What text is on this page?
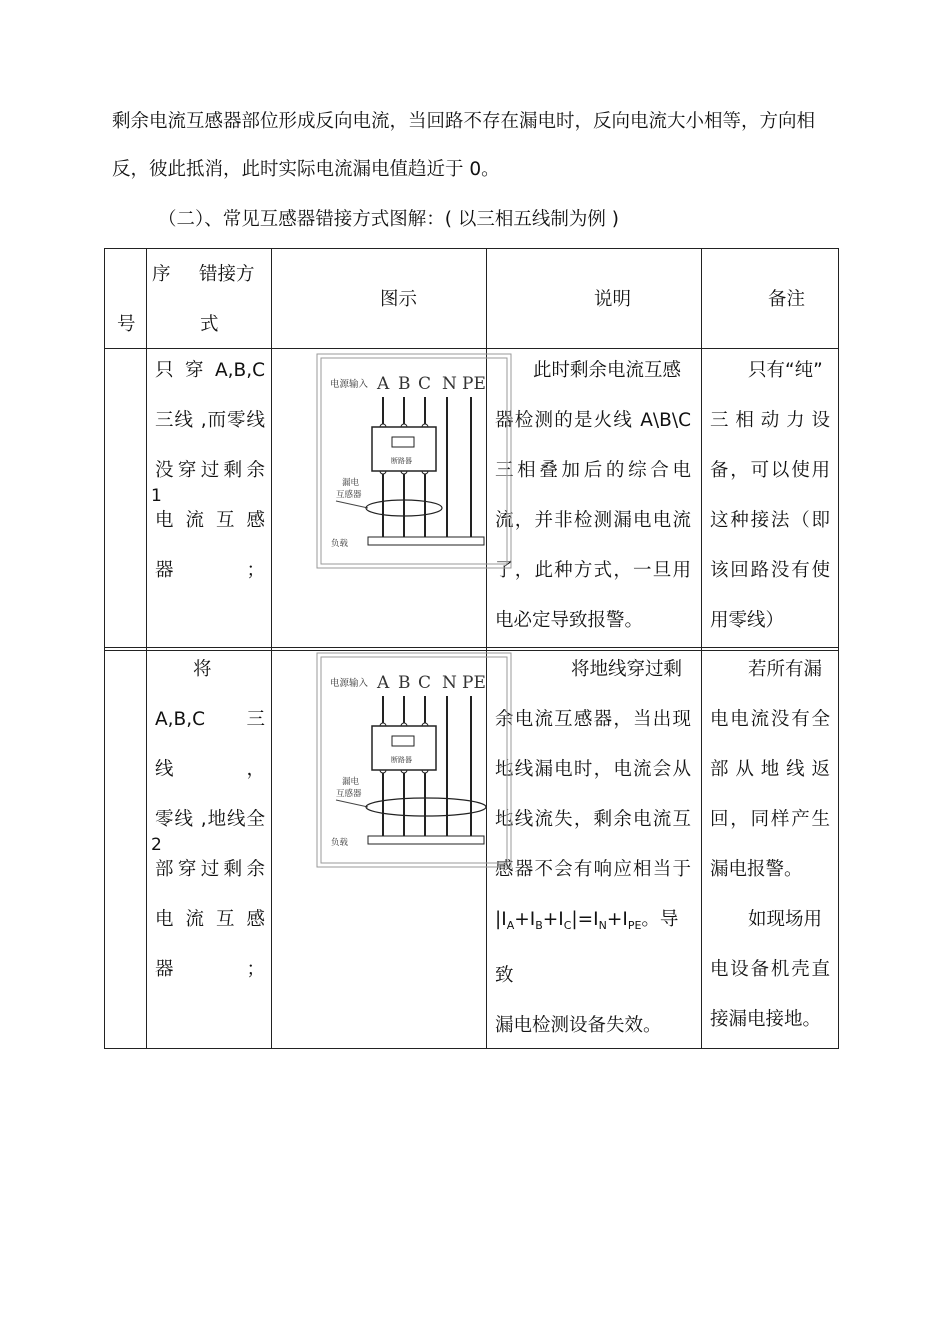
剩余电流互感器部位形成反向电流，当回路不存在漏电时，反向电流大小相等，方向相
反，彼此抵消，此时实际电流漏电值趋近于 0。
（二）、常见互感器错接方式图解：( 以三相五线制为例 )
序
号
错接方
式
图示	说明	备注
1
只 穿 A,B,C
三线 ,而零线
没穿过剩余
电流互感器；
此时剩余电流互感
器检测的是火线 A\B\C
三相叠加后的综合电
流，并非检测漏电电流
了，此种方式，一旦用
电必定导致报警。
只有“纯”
三 相 动 力 设
备，可以使用
这种接法（即
该回路没有使
用零线）
2
将
A,B,C 三线，
零线 ,地线全
部穿过剩余
电流互感器；
将地线穿过剩
余电流互感器，当出现
地线漏电时，电流会从
地线流失，剩余电流互
感器不会有响应相当于
$|I_A+I_B+I_C|=I_N+I_{PE}$。导致
漏电检测设备失效。
若所有漏
电电流没有全
部 从 地 线 返
回，同样产生
漏电报警。
如现场用
电设备机壳直
接漏电接地。
电源输入 A B C N PE
断路器
漏电
互感器
负载
电源输入 A B C N PE
断路器
漏电
互感器
负载
